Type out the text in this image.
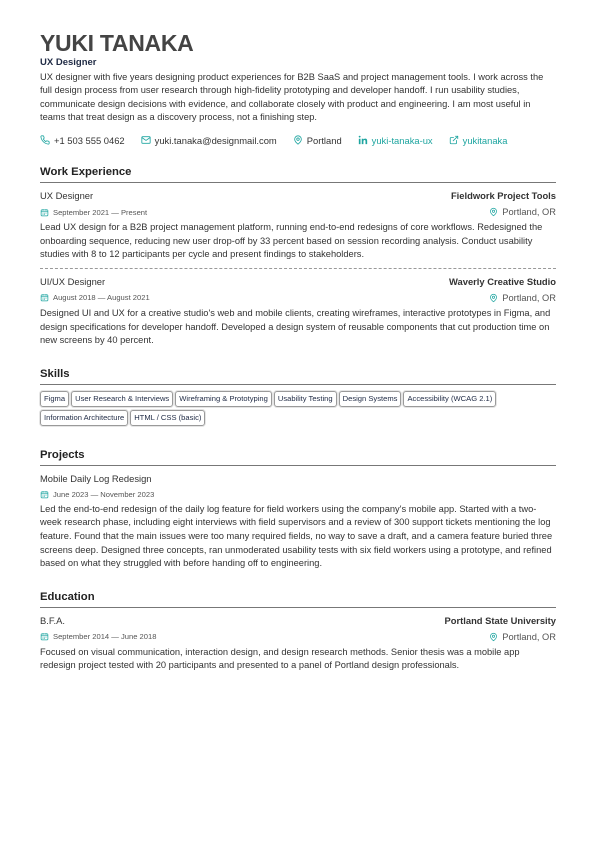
YUKI TANAKA
UX Designer
UX designer with five years designing product experiences for B2B SaaS and project management tools. I work across the full design process from user research through high-fidelity prototyping and developer handoff. I run usability studies, communicate design decisions with evidence, and collaborate closely with product and engineering. I am most useful in teams that treat design as a discovery process, not a finishing step.
+1 503 555 0462	yuki.tanaka@designmail.com	Portland	yuki-tanaka-ux	yukitanaka
Work Experience
UX Designer	Fieldwork Project Tools
September 2021 — Present	Portland, OR
Lead UX design for a B2B project management platform, running end-to-end redesigns of core workflows. Redesigned the onboarding sequence, reducing new user drop-off by 33 percent based on session recording analysis. Conduct usability studies with 8 to 12 participants per cycle and present findings to stakeholders.
UI/UX Designer	Waverly Creative Studio
August 2018 — August 2021	Portland, OR
Designed UI and UX for a creative studio's web and mobile clients, creating wireframes, interactive prototypes in Figma, and design specifications for developer handoff. Developed a design system of reusable components that cut production time on new screens by 40 percent.
Skills
Figma	User Research & Interviews	Wireframing & Prototyping	Usability Testing	Design Systems	Accessibility (WCAG 2.1)
Information Architecture	HTML / CSS (basic)
Projects
Mobile Daily Log Redesign
June 2023 — November 2023
Led the end-to-end redesign of the daily log feature for field workers using the company's mobile app. Started with a two-week research phase, including eight interviews with field supervisors and a review of 300 support tickets mentioning the log feature. Found that the main issues were too many required fields, no way to save a draft, and a camera feature buried three screens deep. Designed three concepts, ran unmoderated usability tests with six field workers using a prototype, and refined based on what they struggled with before handing off to engineering.
Education
B.F.A.	Portland State University
September 2014 — June 2018	Portland, OR
Focused on visual communication, interaction design, and design research methods. Senior thesis was a mobile app redesign project tested with 20 participants and presented to a panel of Portland design professionals.
